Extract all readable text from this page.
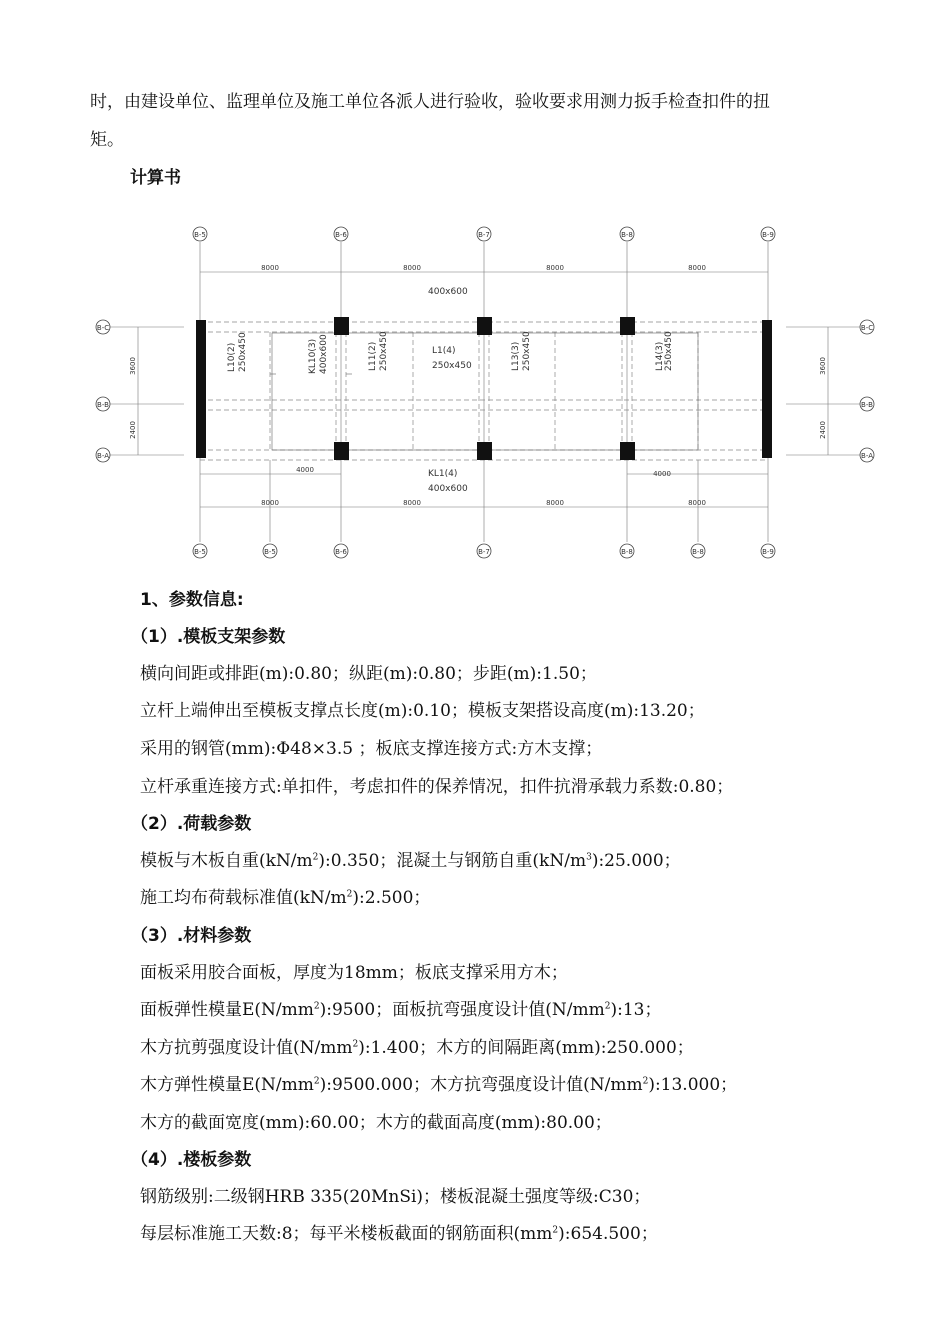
时，由建设单位、监理单位及施工单位各派人进行验收，验收要求用测力扳手检查扣件的扭
矩。
计算书
B-5	B-6	B-7	B-8	B-9
B-5	B-5	B-6	B-7	B-8	B-8	B-9
B-C
B-B
B-A
B-C
B-B
B-A
8000	8000	8000	8000
8000	8000	8000	8000
4000	4000
3600
2400
3600
2400
400x600
KL1(4)
400x600
L1(4)
250x450
L10(2) 250x450	KL10(3) 400x600	L11(2) 250x450	L13(3) 250x450	L14(3) 250x450
1、参数信息:
（1）.模板支架参数
横向间距或排距(m):0.80；纵距(m):0.80；步距(m):1.50；
立杆上端伸出至模板支撑点长度(m):0.10；模板支架搭设高度(m):13.20；
采用的钢管(mm):Φ48×3.5 ；板底支撑连接方式:方木支撑；
立杆承重连接方式:单扣件，考虑扣件的保养情况，扣件抗滑承载力系数:0.80；
（2）.荷载参数
模板与木板自重$(kN/m^2):0.350$；混凝土与钢筋自重$(kN/m^3):25.000$；
施工均布荷载标准值$(kN/m^2):2.500$；
（3）.材料参数
面板采用胶合面板，厚度为18mm；板底支撑采用方木；
面板弹性模量$E(N/mm^2):9500$；面板抗弯强度设计值$(N/mm^2):13$；
木方抗剪强度设计值$(N/mm^2):1.400$；木方的间隔距离(mm):250.000；
木方弹性模量$E(N/mm^2):9500.000$；木方抗弯强度设计值$(N/mm^2):13.000$；
木方的截面宽度(mm):60.00；木方的截面高度(mm):80.00；
（4）.楼板参数
钢筋级别:二级钢HRB 335(20MnSi)；楼板混凝土强度等级:C30；
每层标准施工天数:8；每平米楼板截面的钢筋面积$(mm^2):654.500$；
